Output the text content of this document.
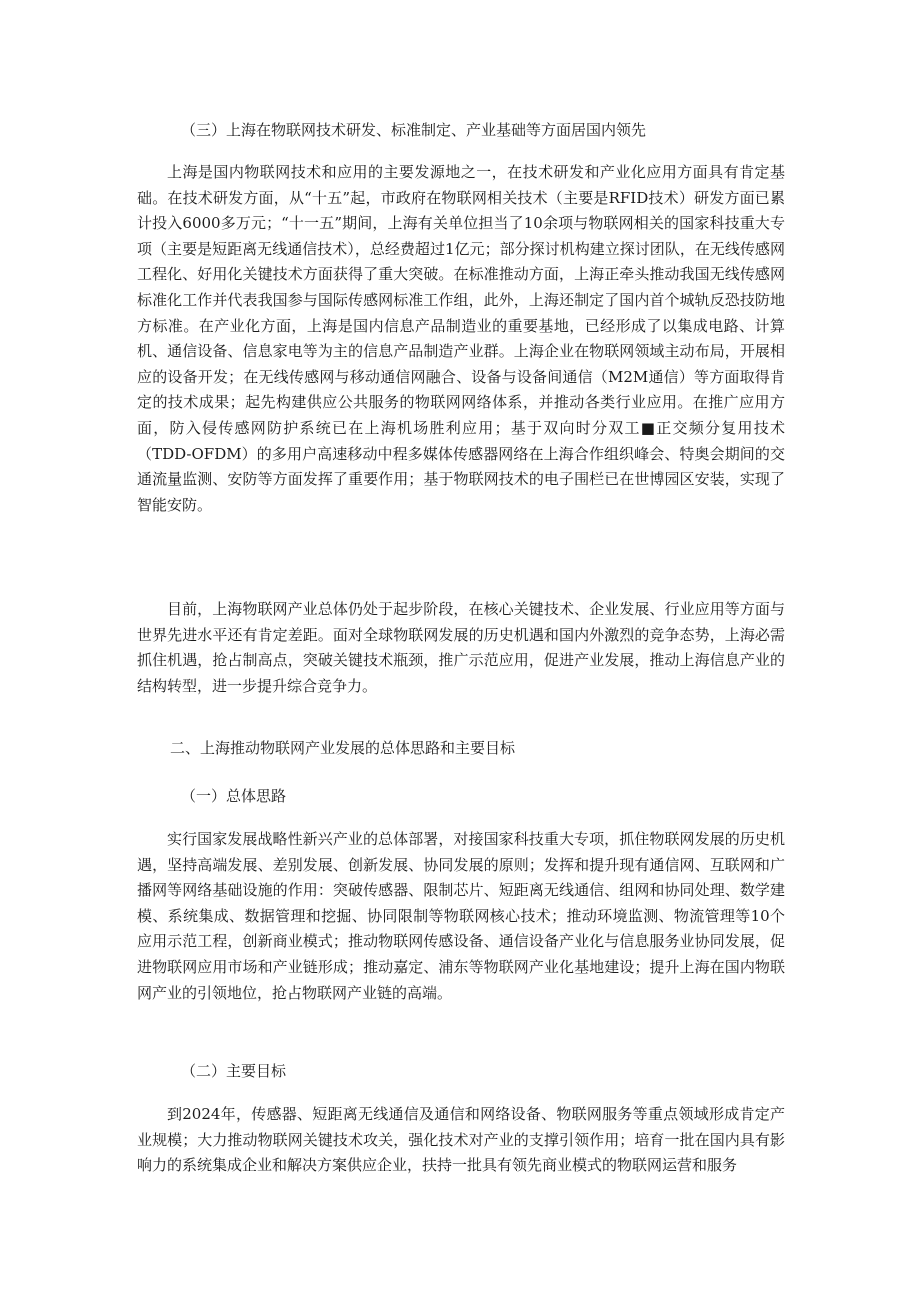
（三）上海在物联网技术研发、标准制定、产业基础等方面居国内领先

上海是国内物联网技术和应用的主要发源地之一，在技术研发和产业化应用方面具有肯定基础。在技术研发方面，从“十五”起，市政府在物联网相关技术（主要是RFID技术）研发方面已累计投入6000多万元；“十一五”期间，上海有关单位担当了10余项与物联网相关的国家科技重大专项（主要是短距离无线通信技术），总经费超过1亿元；部分探讨机构建立探讨团队，在无线传感网工程化、好用化关键技术方面获得了重大突破。在标准推动方面，上海正牵头推动我国无线传感网标准化工作并代表我国参与国际传感网标准工作组，此外，上海还制定了国内首个城轨反恐技防地方标准。在产业化方面，上海是国内信息产品制造业的重要基地，已经形成了以集成电路、计算机、通信设备、信息家电等为主的信息产品制造产业群。上海企业在物联网领域主动布局，开展相应的设备开发；在无线传感网与移动通信网融合、设备与设备间通信（M2M通信）等方面取得肯定的技术成果；起先构建供应公共服务的物联网网络体系，并推动各类行业应用。在推广应用方面，防入侵传感网防护系统已在上海机场胜利应用；基于双向时分双工■正交频分复用技术（TDD-OFDM）的多用户高速移动中程多媒体传感器网络在上海合作组织峰会、特奥会期间的交通流量监测、安防等方面发挥了重要作用；基于物联网技术的电子围栏已在世博园区安装，实现了智能安防。

目前，上海物联网产业总体仍处于起步阶段，在核心关键技术、企业发展、行业应用等方面与世界先进水平还有肯定差距。面对全球物联网发展的历史机遇和国内外激烈的竞争态势，上海必需抓住机遇，抢占制高点，突破关键技术瓶颈，推广示范应用，促进产业发展，推动上海信息产业的结构转型，进一步提升综合竞争力。

二、上海推动物联网产业发展的总体思路和主要目标
（一）总体思路

实行国家发展战略性新兴产业的总体部署，对接国家科技重大专项，抓住物联网发展的历史机遇，坚持高端发展、差别发展、创新发展、协同发展的原则；发挥和提升现有通信网、互联网和广播网等网络基础设施的作用：突破传感器、限制芯片、短距离无线通信、组网和协同处理、数学建模、系统集成、数据管理和挖掘、协同限制等物联网核心技术；推动环境监测、物流管理等10个应用示范工程，创新商业模式；推动物联网传感设备、通信设备产业化与信息服务业协同发展，促进物联网应用市场和产业链形成；推动嘉定、浦东等物联网产业化基地建设；提升上海在国内物联网产业的引领地位，抢占物联网产业链的高端。

（二）主要目标

到2024年，传感器、短距离无线通信及通信和网络设备、物联网服务等重点领域形成肯定产业规模；大力推动物联网关键技术攻关，强化技术对产业的支撑引领作用；培育一批在国内具有影响力的系统集成企业和解决方案供应企业，扶持一批具有领先商业模式的物联网运营和服务
